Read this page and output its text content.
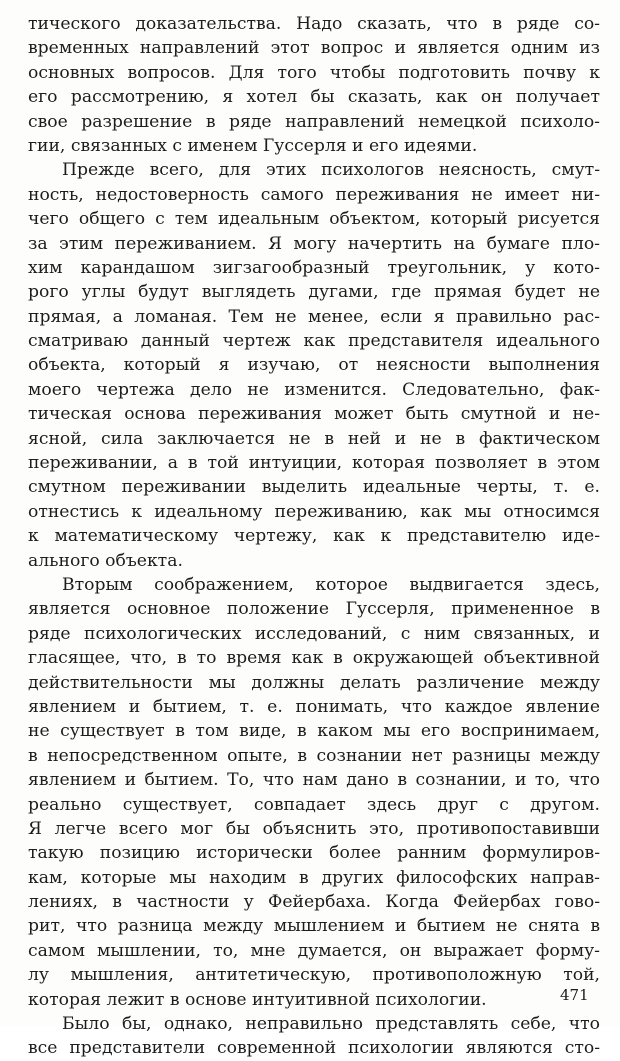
тического доказательства. Надо сказать, что в ряде со-
временных направлений этот вопрос и является одним из
основных вопросов. Для того чтобы подготовить почву к
его рассмотрению, я хотел бы сказать, как он получает
свое разрешение в ряде направлений немецкой психоло-
гии, связанных с именем Гуссерля и его идеями.
Прежде всего, для этих психологов неясность, смут-
ность, недостоверность самого переживания не имеет ни-
чего общего с тем идеальным объектом, который рисуется
за этим переживанием. Я могу начертить на бумаге пло-
хим карандашом зигзагообразный треугольник, у кото-
рого углы будут выглядеть дугами, где прямая будет не
прямая, а ломаная. Тем не менее, если я правильно рас-
сматриваю данный чертеж как представителя идеального
объекта, который я изучаю, от неясности выполнения
моего чертежа дело не изменится. Следовательно, фак-
тическая основа переживания может быть смутной и не-
ясной, сила заключается не в ней и не в фактическом
переживании, а в той интуиции, которая позволяет в этом
смутном переживании выделить идеальные черты, т. е.
отнестись к идеальному переживанию, как мы относимся
к математическому чертежу, как к представителю иде-
ального объекта.
Вторым соображением, которое выдвигается здесь,
является основное положение Гуссерля, примененное в
ряде психологических исследований, с ним связанных, и
гласящее, что, в то время как в окружающей объективной
действительности мы должны делать различение между
явлением и бытием, т. е. понимать, что каждое явление
не существует в том виде, в каком мы его воспринимаем,
в непосредственном опыте, в сознании нет разницы между
явлением и бытием. То, что нам дано в сознании, и то, что
реально существует, совпадает здесь друг с другом.
Я легче всего мог бы объяснить это, противопоставивши
такую позицию исторически более ранним формулиров-
кам, которые мы находим в других философских направ-
лениях, в частности у Фейербаха. Когда Фейербах гово-
рит, что разница между мышлением и бытием не снята в
самом мышлении, то, мне думается, он выражает форму-
лу мышления, антитетическую, противоположную той,
которая лежит в основе интуитивной психологии.
Было бы, однако, неправильно представлять себе, что
все представители современной психологии являются сто-
471
